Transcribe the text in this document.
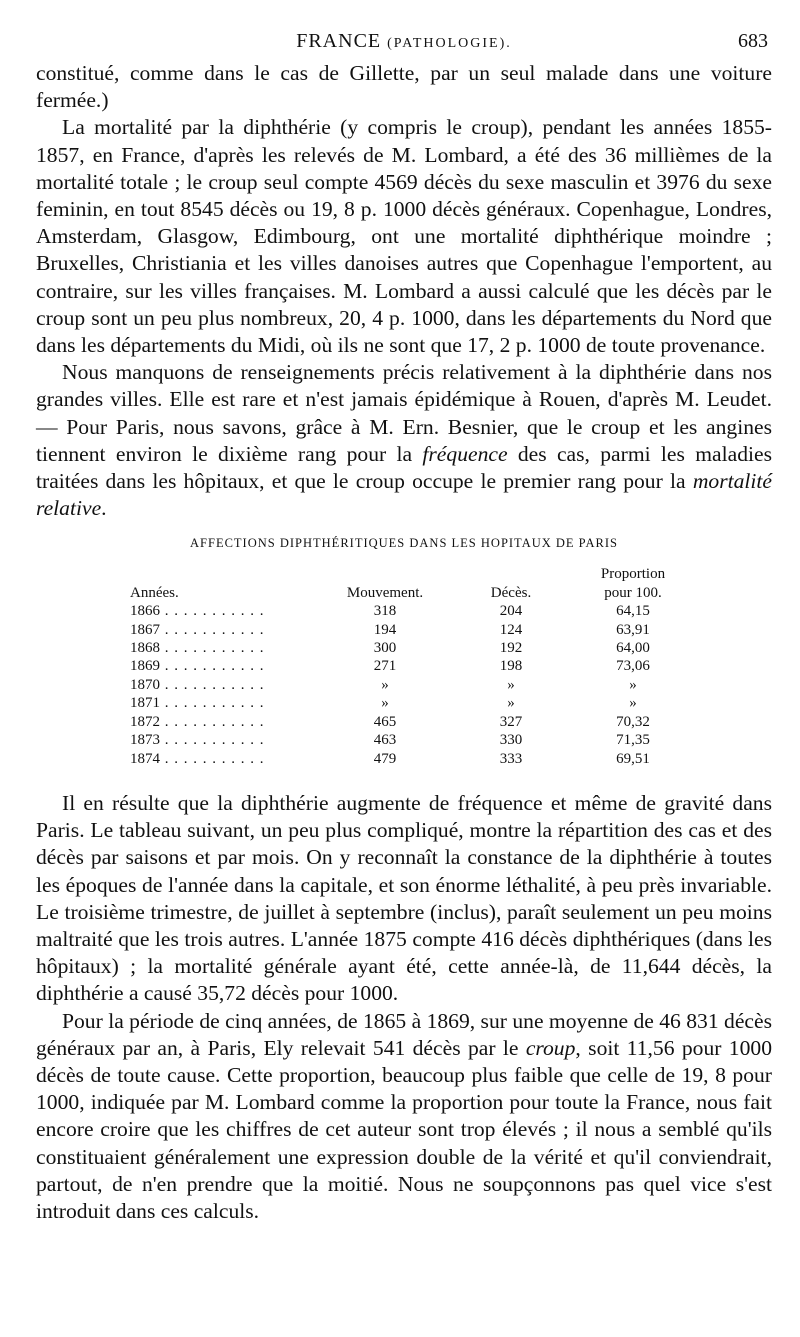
FRANCE (PATHOLOGIE).	683

constitué, comme dans le cas de Gillette, par un seul malade dans une voiture fermée.)

La mortalité par la diphthérie (y compris le croup), pendant les années 1855-1857, en France, d'après les relevés de M. Lombard, a été des 36 millièmes de la mortalité totale ; le croup seul compte 4569 décès du sexe masculin et 3976 du sexe feminin, en tout 8545 décès ou 19, 8 p. 1000 décès généraux. Copenhague, Londres, Amsterdam, Glasgow, Edimbourg, ont une mortalité diphthérique moindre ; Bruxelles, Christiania et les villes danoises autres que Copenhague l'emportent, au contraire, sur les villes françaises. M. Lombard a aussi calculé que les décès par le croup sont un peu plus nombreux, 20, 4 p. 1000, dans les départements du Nord que dans les départements du Midi, où ils ne sont que 17, 2 p. 1000 de toute provenance.

Nous manquons de renseignements précis relativement à la diphthérie dans nos grandes villes. Elle est rare et n'est jamais épidémique à Rouen, d'après M. Leudet. — Pour Paris, nous savons, grâce à M. Ern. Besnier, que le croup et les angines tiennent environ le dixième rang pour la fréquence des cas, parmi les maladies traitées dans les hôpitaux, et que le croup occupe le premier rang pour la mortalité relative.

AFFECTIONS DIPHTHÉRITIQUES DANS LES HOPITAUX DE PARIS
Années.	Mouvement.	Décès.	Proportion
pour 100.
1866 . . .	318	204	64,15
1867 . . .	194	124	63,91
1868 . . .	300	192	64,00
1869 . . .	271	198	73,06
1870 . . .	»	»	»
1871 . . .	»	»	»
1872 . . .	465	327	70,32
1873 . . .	463	330	71,35
1874 . . .	479	333	69,51

Il en résulte que la diphthérie augmente de fréquence et même de gravité dans Paris. Le tableau suivant, un peu plus compliqué, montre la répartition des cas et des décès par saisons et par mois. On y reconnaît la constance de la diphthérie à toutes les époques de l'année dans la capitale, et son énorme léthalité, à peu près invariable. Le troisième trimestre, de juillet à septembre (inclus), paraît seulement un peu moins maltraité que les trois autres. L'année 1875 compte 416 décès diphthériques (dans les hôpitaux) ; la mortalité générale ayant été, cette année-là, de 11,644 décès, la diphthérie a causé 35,72 décès pour 1000.

Pour la période de cinq années, de 1865 à 1869, sur une moyenne de 46 831 décès généraux par an, à Paris, Ely relevait 541 décès par le croup, soit 11,56 pour 1000 décès de toute cause. Cette proportion, beaucoup plus faible que celle de 19, 8 pour 1000, indiquée par M. Lombard comme la proportion pour toute la France, nous fait encore croire que les chiffres de cet auteur sont trop élevés ; il nous a semblé qu'ils constituaient généralement une expression double de la vérité et qu'il conviendrait, partout, de n'en prendre que la moitié. Nous ne soupçonnons pas quel vice s'est introduit dans ces calculs.
